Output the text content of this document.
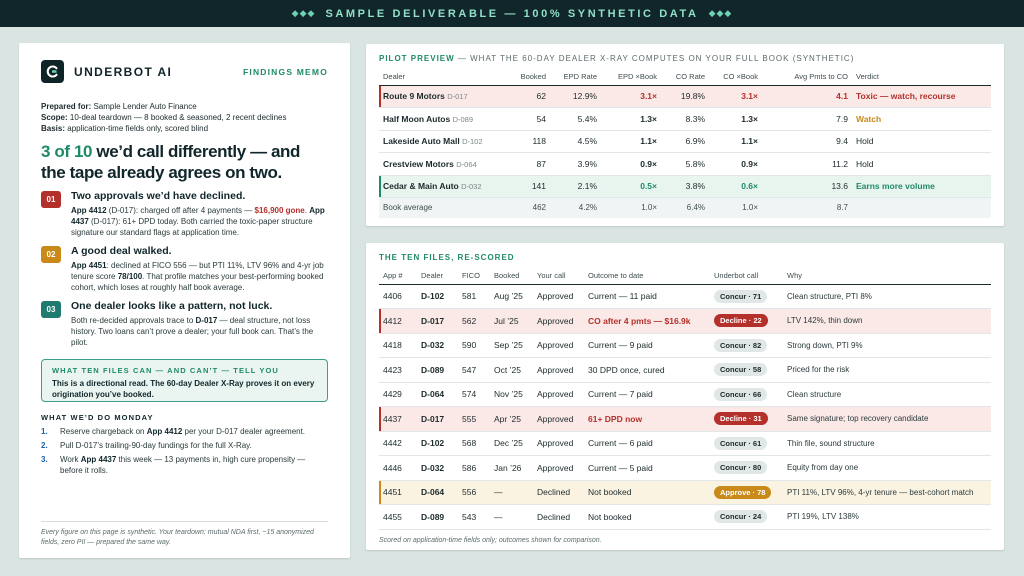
◆◆◆ SAMPLE DELIVERABLE — 100% SYNTHETIC DATA ◆◆◆
UNDERBOT AI	FINDINGS MEMO
Prepared for: Sample Lender Auto Finance
Scope: 10-deal teardown — 8 booked & seasoned, 2 recent declines
Basis: application-time fields only, scored blind
3 of 10 we’d call differently — and the tape already agrees on two.
01	Two approvals we’d have declined.
App 4412 (D-017): charged off after 4 payments — $16,900 gone. App 4437 (D-017): 61+ DPD today. Both carried the toxic-paper structure signature our standard flags at application time.
02	A good deal walked.
App 4451: declined at FICO 556 — but PTI 11%, LTV 96% and 4-yr job tenure score 78/100. That profile matches your best-performing booked cohort, which loses at roughly half book average.
03	One dealer looks like a pattern, not luck.
Both re-decided approvals trace to D-017 — deal structure, not loss history. Two loans can’t prove a dealer; your full book can. That’s the pilot.
WHAT TEN FILES CAN — AND CAN’T — TELL YOU
This is a directional read. The 60-day Dealer X-Ray proves it on every origination you’ve booked.
WHAT WE’D DO MONDAY
1.	Reserve chargeback on App 4412 per your D-017 dealer agreement.
2.	Pull D-017’s trailing-90-day fundings for the full X-Ray.
3.	Work App 4437 this week — 13 payments in, high cure propensity — before it rolls.
Every figure on this page is synthetic. Your teardown: mutual NDA first, ~15 anonymized fields, zero PII — prepared the same way.
PILOT PREVIEW — WHAT THE 60-DAY DEALER X-RAY COMPUTES ON YOUR FULL BOOK (SYNTHETIC)
Dealer	Booked	EPD Rate	EPD ×Book	CO Rate	CO ×Book	Avg Pmts to CO	Verdict
Route 9 Motors D-017	62	12.9%	3.1×	19.8%	3.1×	4.1	Toxic — watch, recourse
Half Moon Autos D-089	54	5.4%	1.3×	8.3%	1.3×	7.9	Watch
Lakeside Auto Mall D-102	118	4.5%	1.1×	6.9%	1.1×	9.4	Hold
Crestview Motors D-064	87	3.9%	0.9×	5.8%	0.9×	11.2	Hold
Cedar & Main Auto D-032	141	2.1%	0.5×	3.8%	0.6×	13.6	Earns more volume
Book average	462	4.2%	1.0×	6.4%	1.0×	8.7	
THE TEN FILES, RE-SCORED
App #	Dealer	FICO	Booked	Your call	Outcome to date	Underbot call	Why
4406	D-102	581	Aug ’25	Approved	Current — 11 paid	Concur · 71	Clean structure, PTI 8%
4412	D-017	562	Jul ’25	Approved	CO after 4 pmts — $16.9k	Decline · 22	LTV 142%, thin down
4418	D-032	590	Sep ’25	Approved	Current — 9 paid	Concur · 82	Strong down, PTI 9%
4423	D-089	547	Oct ’25	Approved	30 DPD once, cured	Concur · 58	Priced for the risk
4429	D-064	574	Nov ’25	Approved	Current — 7 paid	Concur · 66	Clean structure
4437	D-017	555	Apr ’25	Approved	61+ DPD now	Decline · 31	Same signature; top recovery candidate
4442	D-102	568	Dec ’25	Approved	Current — 6 paid	Concur · 61	Thin file, sound structure
4446	D-032	586	Jan ’26	Approved	Current — 5 paid	Concur · 80	Equity from day one
4451	D-064	556	—	Declined	Not booked	Approve · 78	PTI 11%, LTV 96%, 4-yr tenure — best-cohort match
4455	D-089	543	—	Declined	Not booked	Concur · 24	PTI 19%, LTV 138%
Scored on application-time fields only; outcomes shown for comparison.
